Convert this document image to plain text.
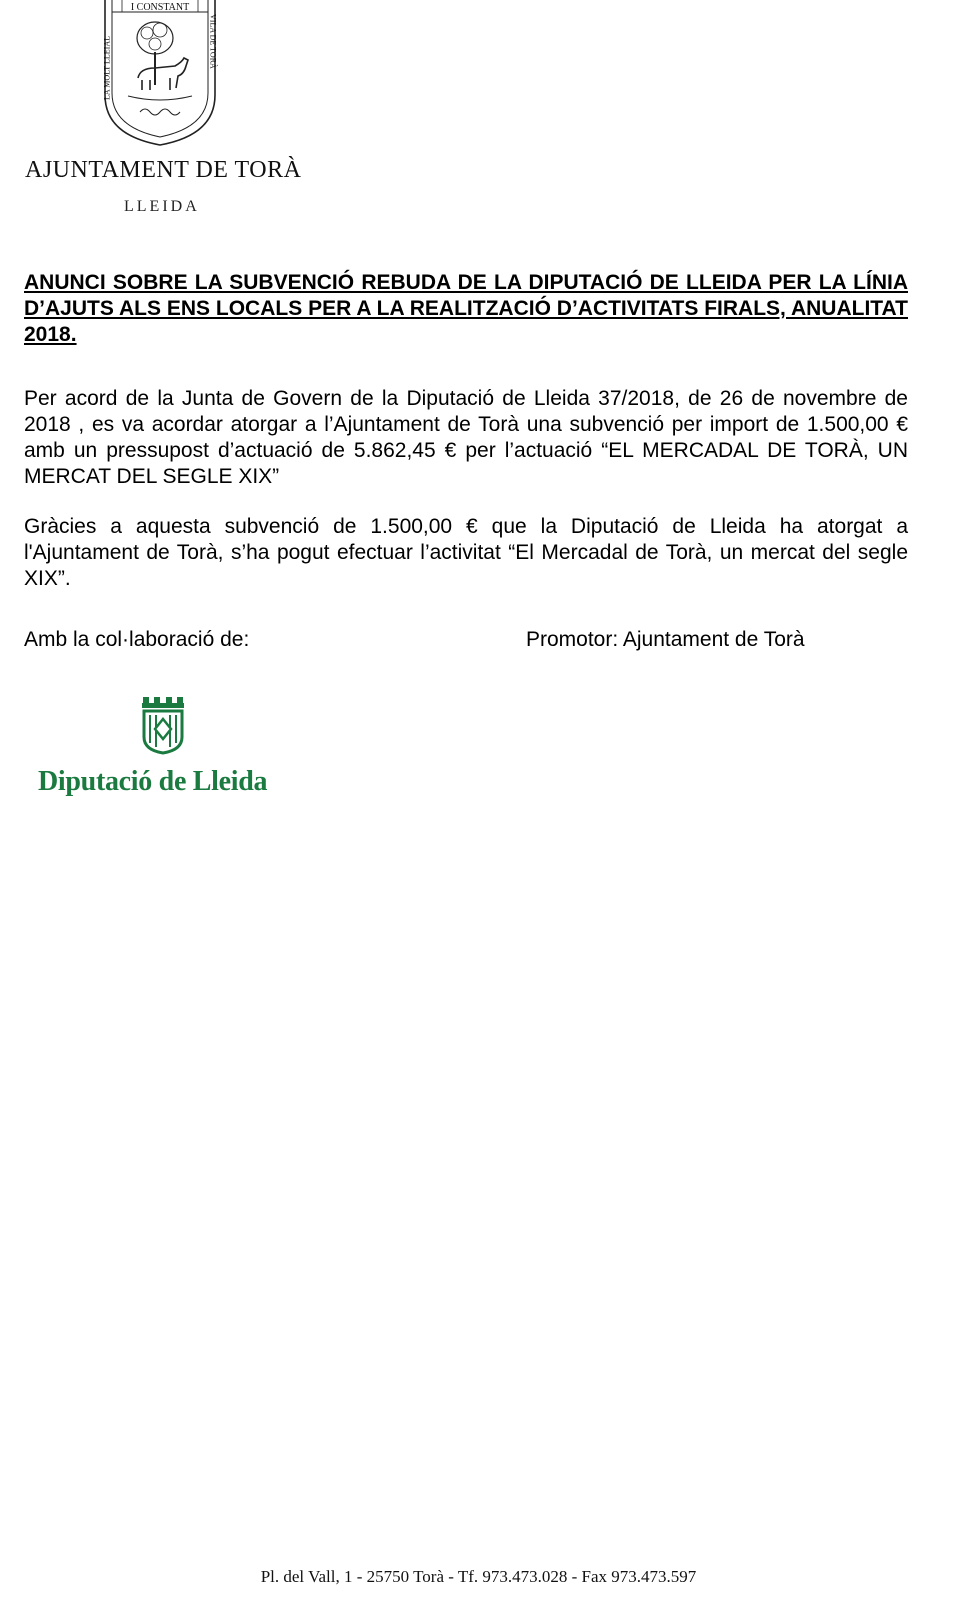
I CONSTANT
LA MOLT LLEIAL	VILA DE TORÀ
AJUNTAMENT DE TORÀ
LLEIDA

ANUNCI SOBRE LA SUBVENCIÓ REBUDA DE LA DIPUTACIÓ DE LLEIDA PER LA LÍNIA D’AJUTS ALS ENS LOCALS PER A LA REALITZACIÓ D’ACTIVITATS FIRALS, ANUALITAT 2018.

Per acord de la Junta de Govern de la Diputació de Lleida 37/2018, de 26 de novembre de 2018 , es va acordar atorgar a l’Ajuntament de Torà una subvenció per import de 1.500,00 € amb un pressupost d’actuació de 5.862,45 € per l’actuació “EL MERCADAL DE TORÀ, UN MERCAT DEL SEGLE XIX”

Gràcies a aquesta subvenció de 1.500,00 € que la Diputació de Lleida ha atorgat a l'Ajuntament de Torà, s’ha pogut efectuar l’activitat “El Mercadal de Torà, un mercat del segle XIX”.

Amb la col·laboració de:	Promotor: Ajuntament de Torà
Diputació de Lleida
Pl. del Vall, 1 - 25750 Torà - Tf. 973.473.028 - Fax 973.473.597
